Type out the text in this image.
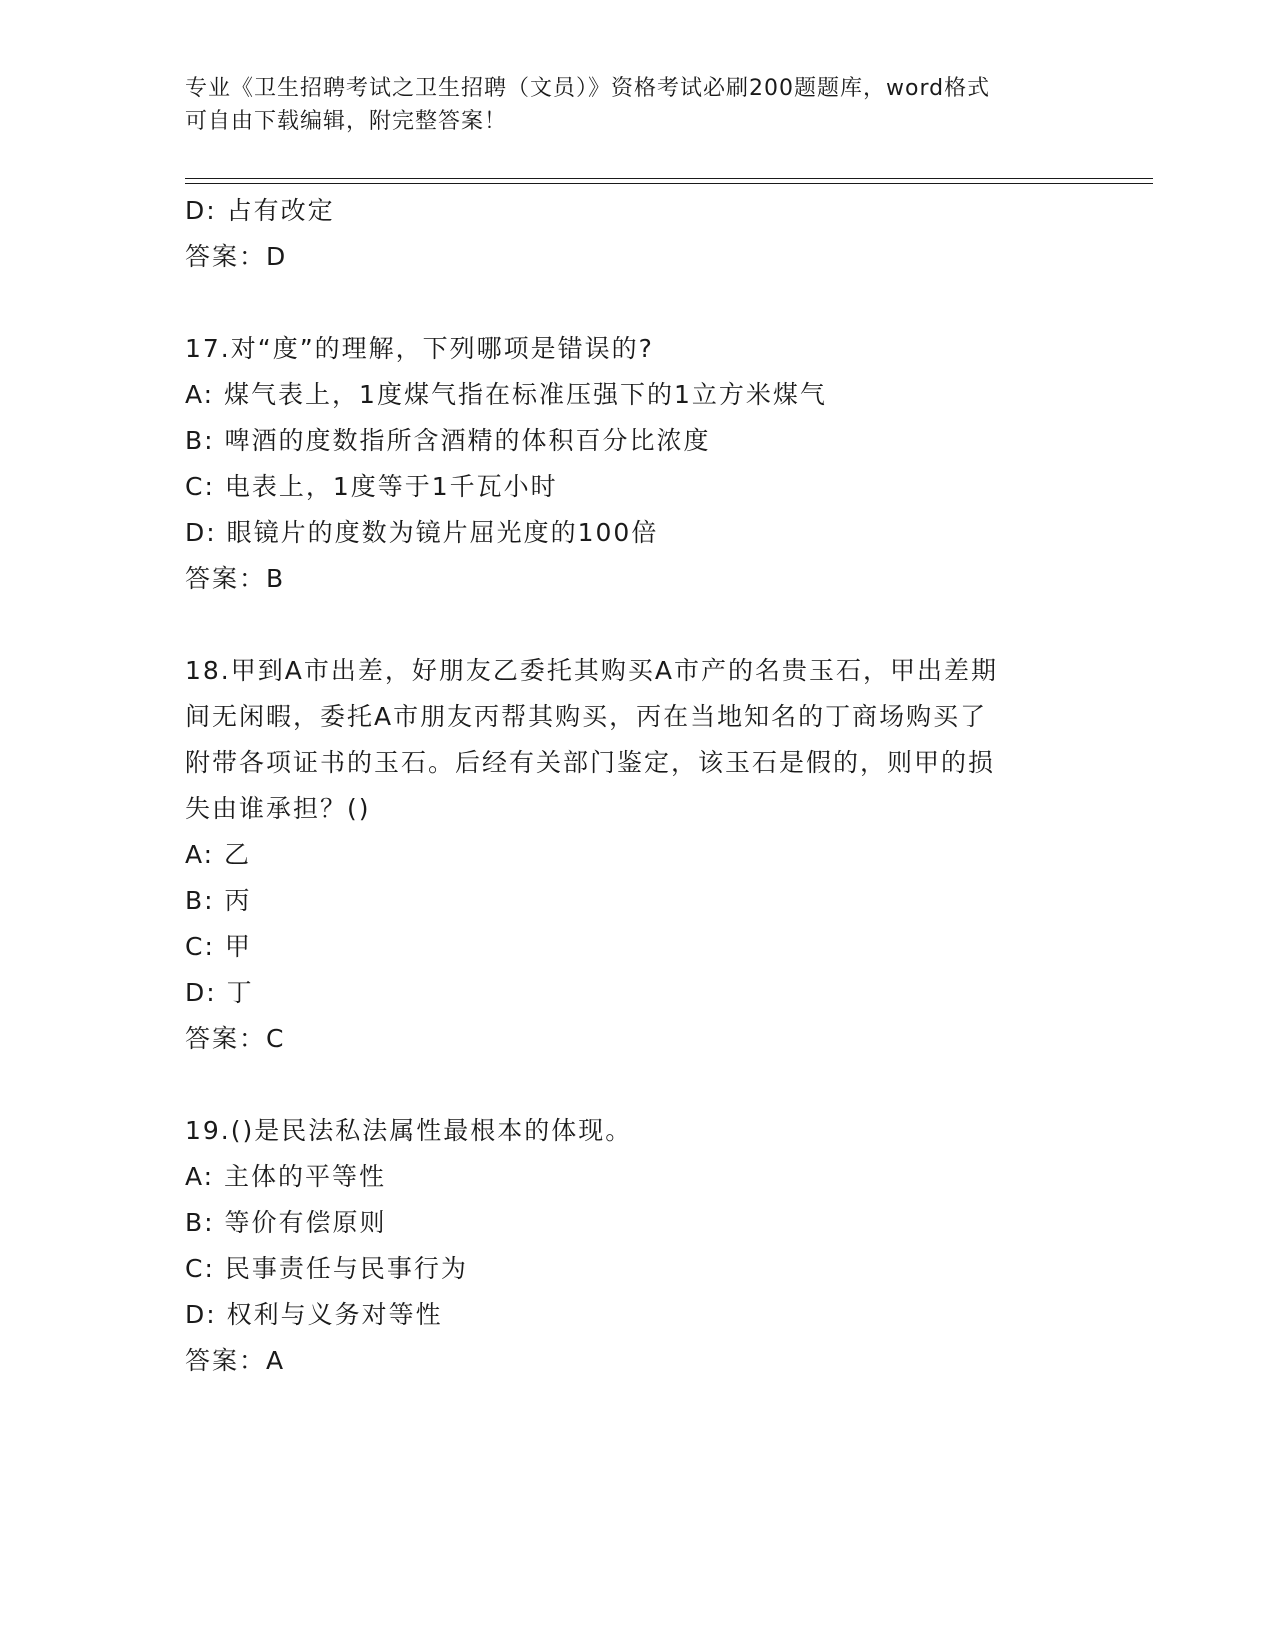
专业《卫生招聘考试之卫生招聘（文员）》资格考试必刷200题题库，word格式
可自由下载编辑，附完整答案！
D: 占有改定
答案：D
17.对“度”的理解，下列哪项是错误的?
A: 煤气表上，1度煤气指在标准压强下的1立方米煤气
B: 啤酒的度数指所含酒精的体积百分比浓度
C: 电表上，1度等于1千瓦小时
D: 眼镜片的度数为镜片屈光度的100倍
答案：B
18.甲到A市出差，好朋友乙委托其购买A市产的名贵玉石，甲出差期
间无闲暇，委托A市朋友丙帮其购买，丙在当地知名的丁商场购买了
附带各项证书的玉石。后经有关部门鉴定，该玉石是假的，则甲的损
失由谁承担？()
A: 乙
B: 丙
C: 甲
D: 丁
答案：C
19.()是民法私法属性最根本的体现。
A: 主体的平等性
B: 等价有偿原则
C: 民事责任与民事行为
D: 权利与义务对等性
答案：A
